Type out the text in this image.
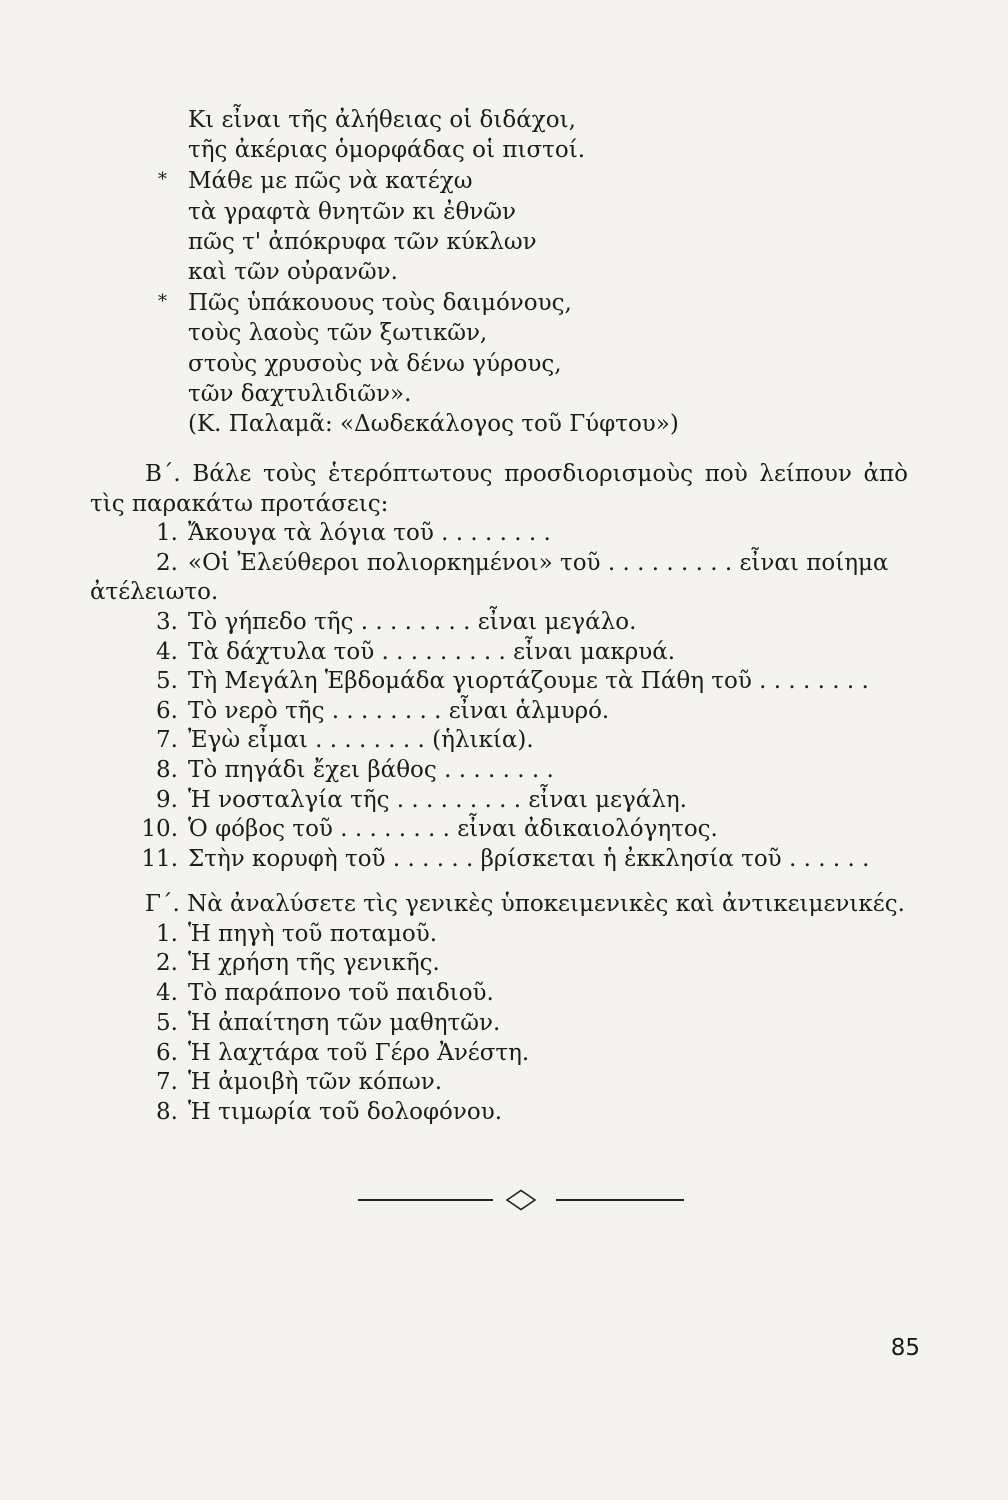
Κι εἶναι τῆς ἀλήθειας οἱ διδάχοι,
τῆς ἀκέριας ὁμορφάδας οἱ πιστοί.
* Μάθε με πῶς νὰ κατέχω
τὰ γραφτὰ θνητῶν κι ἐθνῶν
πῶς τ' ἀπόκρυφα τῶν κύκλων
καὶ τῶν οὐρανῶν.
* Πῶς ὑπάκουους τοὺς δαιμόνους,
τοὺς λαοὺς τῶν ξωτικῶν,
στοὺς χρυσοὺς νὰ δένω γύρους,
τῶν δαχτυλιδιῶν».
(Κ. Παλαμᾶ: «Δωδεκάλογος τοῦ Γύφτου»)
Β΄. Βάλε τοὺς ἑτερόπτωτους προσδιορισμοὺς ποὺ λείπουν ἀπὸ τὶς παρακάτω προτάσεις:
1. Ἄκουγα τὰ λόγια τοῦ . . . . . . . .
2. «Οἱ Ἐλεύθεροι πολιορκημένοι» τοῦ . . . . . . . . . εἶναι ποίημα
ἀτέλειωτο.
3. Τὸ γήπεδο τῆς . . . . . . . . εἶναι μεγάλο.
4. Τὰ δάχτυλα τοῦ . . . . . . . . . εἶναι μακρυά.
5. Τὴ Μεγάλη Ἑβδομάδα γιορτάζουμε τὰ Πάθη τοῦ . . . . . . . .
6. Τὸ νερὸ τῆς . . . . . . . . εἶναι ἁλμυρό.
7. Ἐγὼ εἶμαι . . . . . . . . (ἡλικία).
8. Τὸ πηγάδι ἔχει βάθος . . . . . . . .
9. Ἡ νοσταλγία τῆς . . . . . . . . . εἶναι μεγάλη.
10. Ὁ φόβος τοῦ . . . . . . . . εἶναι ἀδικαιολόγητος.
11. Στὴν κορυφὴ τοῦ . . . . . . βρίσκεται ἡ ἐκκλησία τοῦ . . . . . .
Γ΄. Νὰ ἀναλύσετε τὶς γενικὲς ὑποκειμενικὲς καὶ ἀντικειμενικές.
1. Ἡ πηγὴ τοῦ ποταμοῦ.
2. Ἡ χρήση τῆς γενικῆς.
4. Τὸ παράπονο τοῦ παιδιοῦ.
5. Ἡ ἀπαίτηση τῶν μαθητῶν.
6. Ἡ λαχτάρα τοῦ Γέρο Ἀνέστη.
7. Ἡ ἀμοιβὴ τῶν κόπων.
8. Ἡ τιμωρία τοῦ δολοφόνου.
85
